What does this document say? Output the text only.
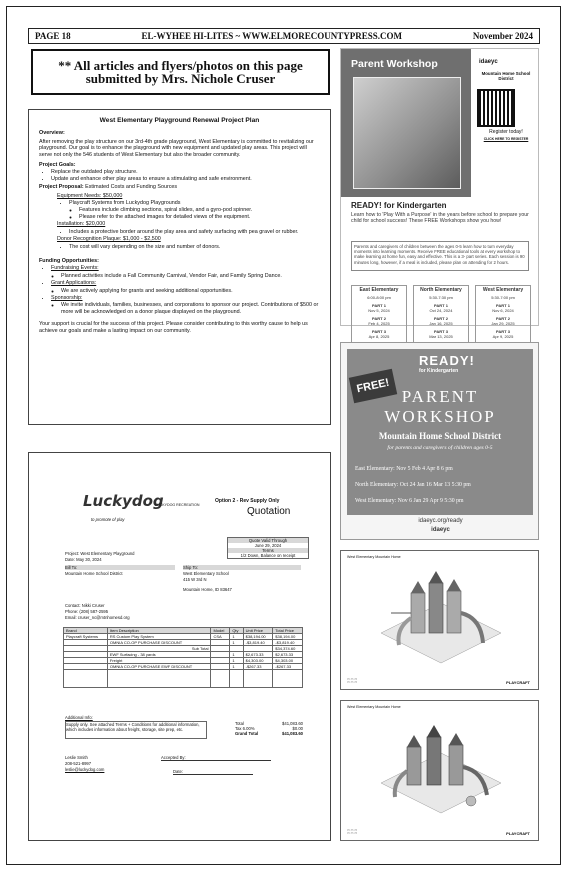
PAGE 18	EL-WYHEE HI-LITES ~ WWW.ELMORECOUNTYPRESS.COM	November 2024
** All articles and flyers/photos on this page
submitted by Mrs. Nichole Cruser
West Elementary Playground Renewal Project Plan
Overview:

After removing the play structure on our 3rd-4th grade playground, West Elementary is committed to revitalizing our playground. Our goal is to enhance the playground with new equipment and updated play areas. This project will serve not only the 546 students of West Elementary but also the broader community.

Project Goals:
• Replace the outdated play structure.
• Update and enhance other play areas to ensure a stimulating and safe environment.

Project Proposal: Estimated Costs and Funding Sources

Equipment Needs: $50,000
• Playcraft Systems from Luckydog Playgrounds
◦ Features include climbing sections, spiral slides, and a gyro-pod spinner.
◦ Please refer to the attached images for detailed views of the equipment.
Installation: $20,000
• Includes a protective border around the play area and safety surfacing with pea gravel or rubber.
Donor Recognition Plaque: $1,000 - $2,500
• The cost will vary depending on the size and number of donors.
Funding Opportunities:
• Fundraising Events:
◦ Planned activities include a Fall Community Carnival, Vendor Fair, and Family Spring Dance.
• Grant Applications:
◦ We are actively applying for grants and seeking additional opportunities.
• Sponsorship:
◦ We invite individuals, families, businesses, and corporations to sponsor our project. Contributions of $500 or more will be acknowledged on a donor plaque displayed on the playground.

Your support is crucial for the success of this project. Please consider contributing to this worthy cause to help us achieve our goals and make a lasting impact on our community.

Luckydog
to promote of play
LUCKYDOG RECREATION
Option 2 - Rev Supply Only
Quotation
Quote Valid Through
June 29, 2024
Terms
1/2 Down, Balance on receipt
Project: West Elementary Playground
Date: May 30, 2024
Bill To:
Mountain Home School District
Ship To:
West Elementary School
415 W 3rd N
Mountain Home, ID 83647
Contact: Nikki Cruser
Phone: (208) 587-2595
Email: cruser_nc@mtnhomesd.org
Brand	Item Description	Model	Qty	Unit Price	Total Price
Playcraft Systems	RS Custom Play System	CSA	1	$38,194.00	$38,194.00
	OMNIA CO-OP PURCHASE DISCOUNT		1	-$3,819.40	-$3,819.40
	Sub Total				$34,374.60
	EWF Surfacing - 38 yards		1	$2,673.33	$2,673.33
	Freight		1	$4,303.00	$4,303.00
	OMNIA CO-OP PURCHASE EWF DISCOUNT		1	-$267.33	-$267.33

Additional Info:
Supply only. See attached Terms + Conditions for additional information, which includes information about freight, storage, site prep, etc.
Total	$41,083.60
Tax 6.00%	$0.00
Grand Total	$41,083.60
Leslie Smith
208-521-8997
leslie@luckydog.com
Accepted By:
Date:
Parent Workshop	idaeyc
Mountain Home School District
Register today!
CLICK HERE TO REGISTER
READY! for Kindergarten
Learn how to 'Play With a Purpose' in the years before school to prepare your child for school success! These FREE Workshops show you how!
Parents and caregivers of children between the ages 0-5 learn how to turn everyday moments into learning moments. Receive FREE educational tools at every workshop to make learning at home fun, easy and effective. This is a 3- part series. Each session is 90 minutes long, however, if a meal is included, please plan on attending for 2 hours.
East Elementary
6:00-8:00 pm
PART 1
Nov 5, 2024
PART 2
Feb 4, 2025
PART 3
Apr 8, 2025
North Elementary
5:30-7:30 pm
PART 1
Oct 24, 2024
PART 2
Jan 16, 2025
PART 3
Mar 13, 2025
West Elementary
5:30-7:00 pm
PART 1
Nov 6, 2024
PART 2
Jan 29, 2025
PART 3
Apr 9, 2025
FREE!
READY!
for Kindergarten
PARENT
WORKSHOP
Mountain Home School District
for parents and caregivers of children ages 0-5
East Elementary: Nov 5 Feb 4 Apr 8 6 pm
North Elementary: Oct 24 Jan 16 Mar 13 5:30 pm
West Elementary: Nov 6 Jan 29 Apr 9 5:30 pm
idaeyc.org/ready
idaeyc
West Elementary Mountain Home
▭ ▭ ▭
▭ ▭ ▭	PLAYCRAFT
West Elementary Mountain Home
▭ ▭ ▭
▭ ▭ ▭	PLAYCRAFT
